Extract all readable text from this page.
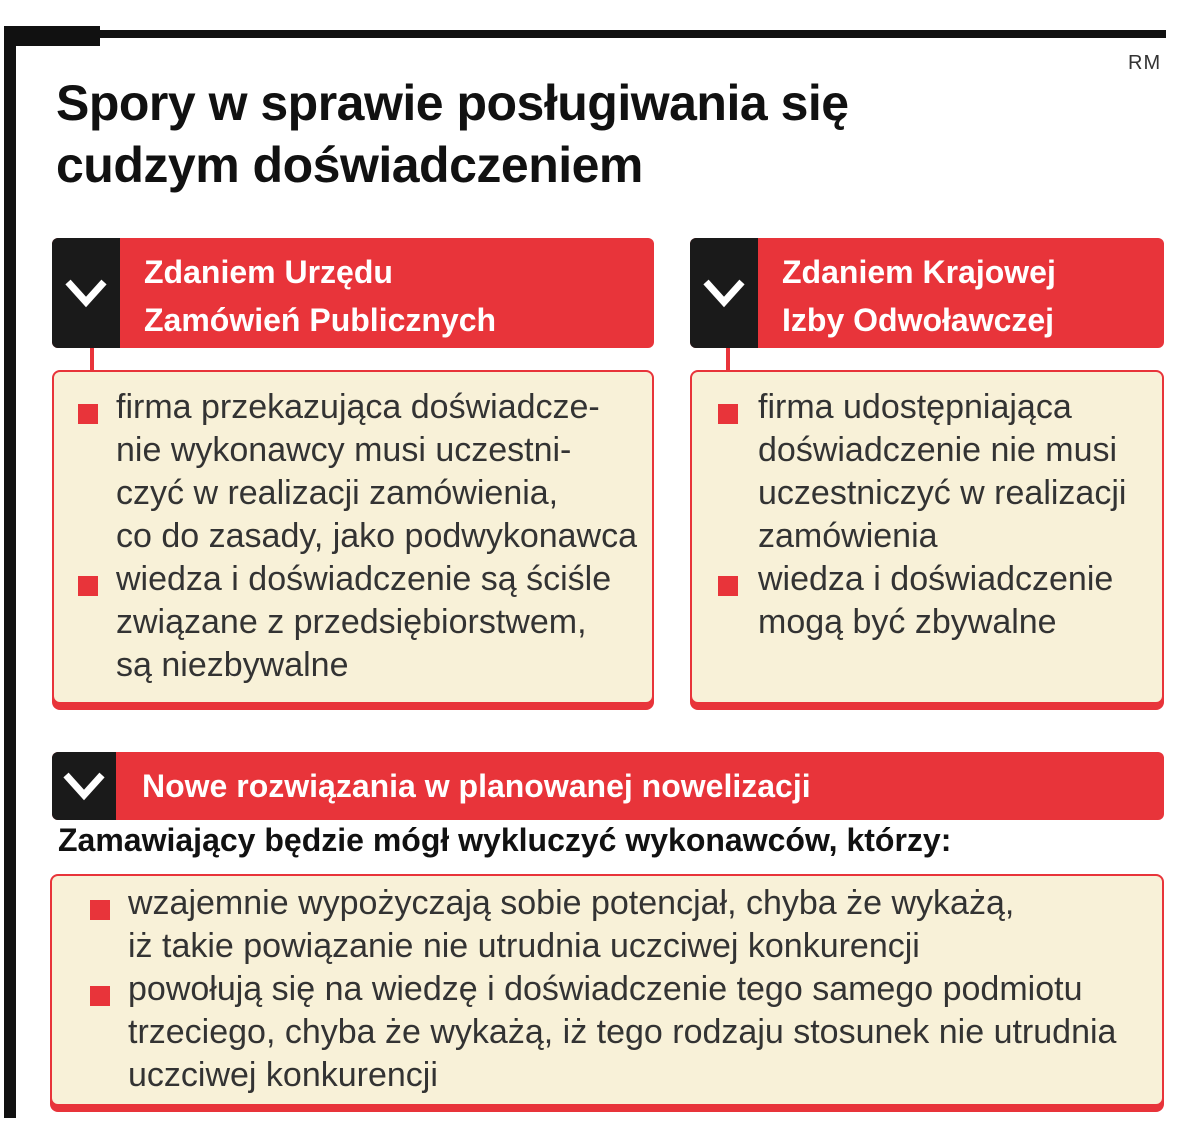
RM
Spory w sprawie posługiwania się
cudzym doświadczeniem
Zdaniem Urzędu
Zamówień Publicznych

firma przekazująca doświadcze-
nie wykonawcy musi uczestni-
czyć w realizacji zamówienia,
co do zasady, jako podwykonawca

wiedza i doświadczenie są ściśle
związane z przedsiębiorstwem,
są niezbywalne

Zdaniem Krajowej
Izby Odwoławczej

firma udostępniająca
doświadczenie nie musi
uczestniczyć w realizacji
zamówienia

wiedza i doświadczenie
mogą być zbywalne

Nowe rozwiązania w planowanej nowelizacji

Zamawiający będzie mógł wykluczyć wykonawców, którzy:

wzajemnie wypożyczają sobie potencjał, chyba że wykażą,
iż takie powiązanie nie utrudnia uczciwej konkurencji

powołują się na wiedzę i doświadczenie tego samego podmiotu
trzeciego, chyba że wykażą, iż tego rodzaju stosunek nie utrudnia
uczciwej konkurencji
